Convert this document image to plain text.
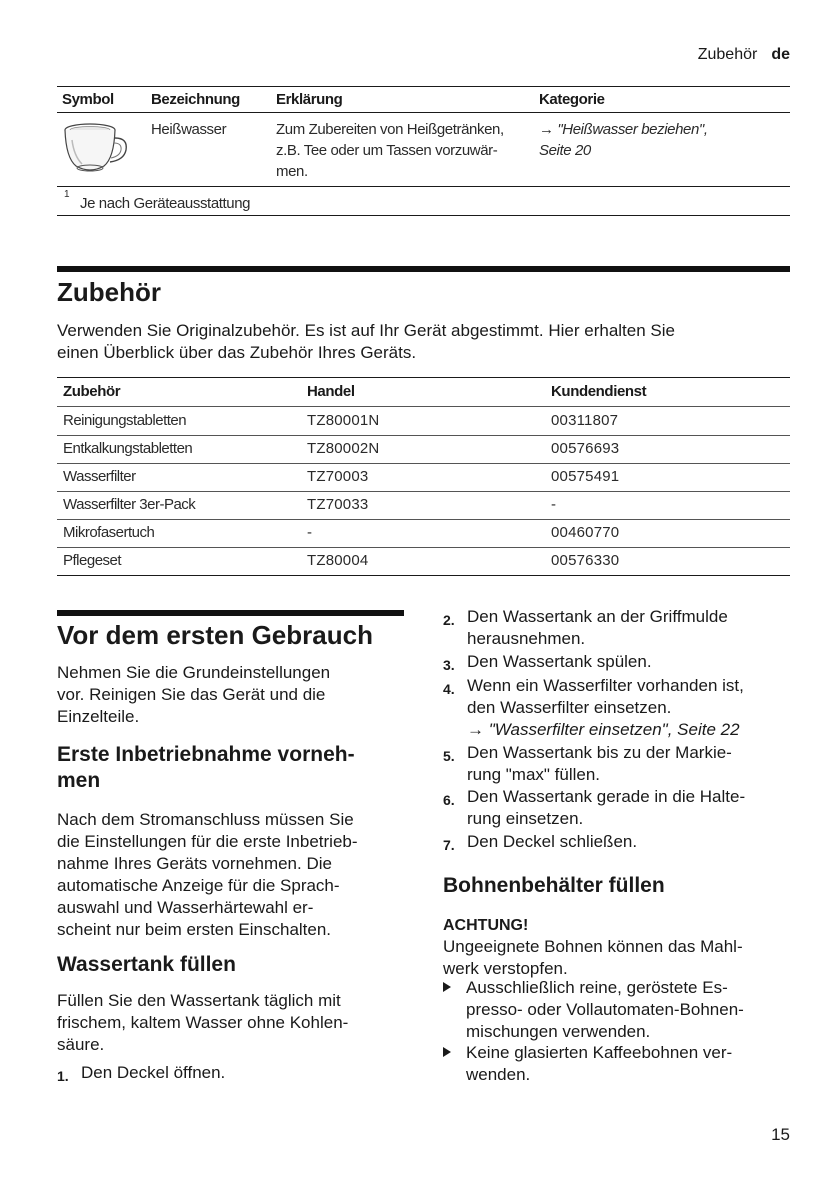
Zubehör de
Symbol Bezeichnung Erklärung	Kategorie
Heißwasser	Zum Zubereiten von Heißgetränken,
z.B. Tee oder um Tassen vorzuwär-
men.
→ "Heißwasser beziehen",
Seite 20
1
Je nach Geräteausstattung
Zubehör
Verwenden Sie Originalzubehör. Es ist auf Ihr Gerät abgestimmt. Hier erhalten Sie
einen Überblick über das Zubehör Ihres Geräts.
Zubehör	Handel	Kundendienst
Reinigungstabletten	TZ80001N	00311807
Entkalkungstabletten	TZ80002N	00576693
Wasserfilter	TZ70003	00575491
Wasserfilter 3er-Pack	TZ70033	-
Mikrofasertuch	-	00460770
Pflegeset	TZ80004	00576330
Vor dem ersten Gebrauch
Nehmen Sie die Grundeinstellungen
vor. Reinigen Sie das Gerät und die
Einzelteile.
Erste Inbetriebnahme vorneh-
men
Nach dem Stromanschluss müssen Sie
die Einstellungen für die erste Inbetrieb-
nahme Ihres Geräts vornehmen. Die
automatische Anzeige für die Sprach-
auswahl und Wasserhärtewahl er-
scheint nur beim ersten Einschalten.
Wassertank füllen
Füllen Sie den Wassertank täglich mit
frischem, kaltem Wasser ohne Kohlen-
säure.
1. Den Deckel öffnen.
2. Den Wassertank an der Griffmulde
herausnehmen.
3. Den Wassertank spülen.
4. Wenn ein Wasserfilter vorhanden ist,
den Wasserfilter einsetzen.
→ "Wasserfilter einsetzen", Seite 22
5. Den Wassertank bis zu der Markie-
rung "max" füllen.
6. Den Wassertank gerade in die Halte-
rung einsetzen.
7. Den Deckel schließen.
Bohnenbehälter füllen
ACHTUNG!
Ungeeignete Bohnen können das Mahl-
werk verstopfen.
Ausschließlich reine, geröstete Es-
presso- oder Vollautomaten-Bohnen-
mischungen verwenden.
Keine glasierten Kaffeebohnen ver-
wenden.
15
